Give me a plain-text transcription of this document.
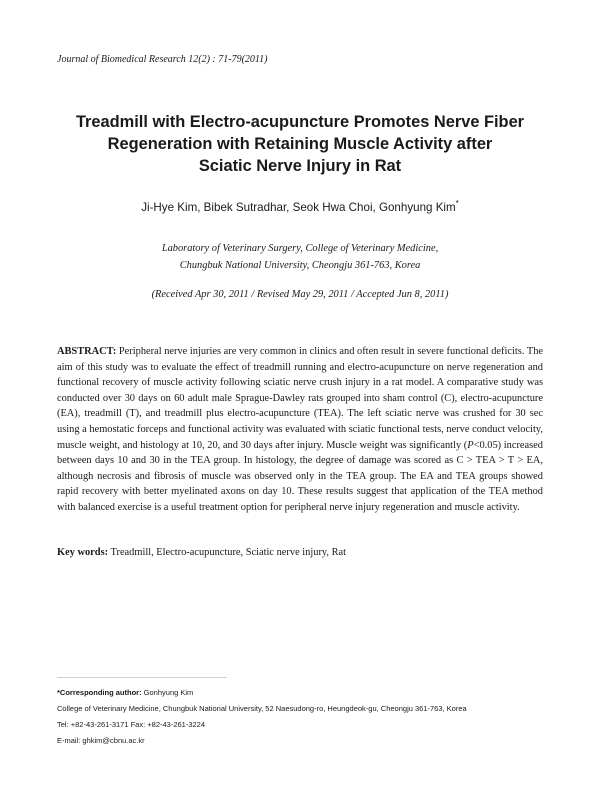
Journal of Biomedical Research 12(2) : 71-79(2011)
Treadmill with Electro-acupuncture Promotes Nerve Fiber
Regeneration with Retaining Muscle Activity after
Sciatic Nerve Injury in Rat
Ji-Hye Kim, Bibek Sutradhar, Seok Hwa Choi, Gonhyung Kim*
Laboratory of Veterinary Surgery, College of Veterinary Medicine,
Chungbuk National University, Cheongju 361-763, Korea
(Received Apr 30, 2011 / Revised May 29, 2011 / Accepted Jun 8, 2011)

ABSTRACT: Peripheral nerve injuries are very common in clinics and often result in severe functional deficits. The aim of this study was to evaluate the effect of treadmill running and electro-acupuncture on nerve regeneration and functional recovery of muscle activity following sciatic nerve crush injury in a rat model. A comparative study was conducted over 30 days on 60 adult male Sprague-Dawley rats grouped into sham control (C), electro-acupuncture (EA), treadmill (T), and treadmill plus electro-acupuncture (TEA). The left sciatic nerve was crushed for 30 sec using a hemostatic forceps and functional activity was evaluated with sciatic functional tests, nerve conduct velocity, muscle weight, and histology at 10, 20, and 30 days after injury. Muscle weight was significantly (P<0.05) increased between days 10 and 30 in the TEA group. In histology, the degree of damage was scored as C > TEA > T > EA, although necrosis and fibrosis of muscle was observed only in the TEA group. The EA and TEA groups showed rapid recovery with better myelinated axons on day 10. These results suggest that application of the TEA method with balanced exercise is a useful treatment option for peripheral nerve injury regeneration and muscle activity.

Key words: Treadmill, Electro-acupuncture, Sciatic nerve injury, Rat

*Corresponding author: Gonhyung Kim
College of Veterinary Medicine, Chungbuk National University, 52 Naesudong-ro, Heungdeok-gu, Cheongju 361-763, Korea
Tel: +82-43-261-3171 Fax: +82-43-261-3224
E-mail: ghkim@cbnu.ac.kr
